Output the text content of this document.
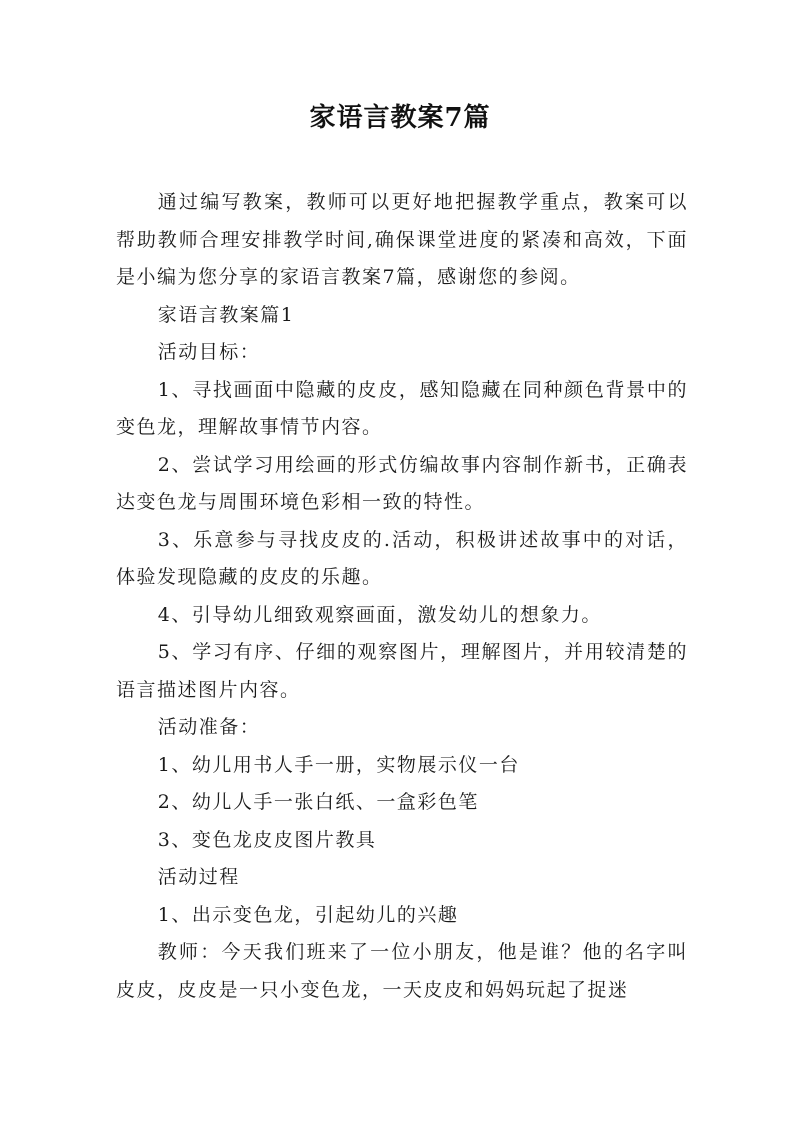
家语言教案7篇

通过编写教案，教师可以更好地把握教学重点，教案可以帮助教师合理安排教学时间,确保课堂进度的紧凑和高效，下面是小编为您分享的家语言教案7篇，感谢您的参阅。

家语言教案篇1

活动目标：

1、寻找画面中隐藏的皮皮，感知隐藏在同种颜色背景中的变色龙，理解故事情节内容。

2、尝试学习用绘画的形式仿编故事内容制作新书，正确表达变色龙与周围环境色彩相一致的特性。

3、乐意参与寻找皮皮的.活动，积极讲述故事中的对话，体验发现隐藏的皮皮的乐趣。

4、引导幼儿细致观察画面，激发幼儿的想象力。

5、学习有序、仔细的观察图片，理解图片，并用较清楚的语言描述图片内容。

活动准备：

1、幼儿用书人手一册，实物展示仪一台

2、幼儿人手一张白纸、一盒彩色笔

3、变色龙皮皮图片教具

活动过程

1、出示变色龙，引起幼儿的兴趣

教师：今天我们班来了一位小朋友，他是谁？他的名字叫皮皮，皮皮是一只小变色龙，一天皮皮和妈妈玩起了捉迷
